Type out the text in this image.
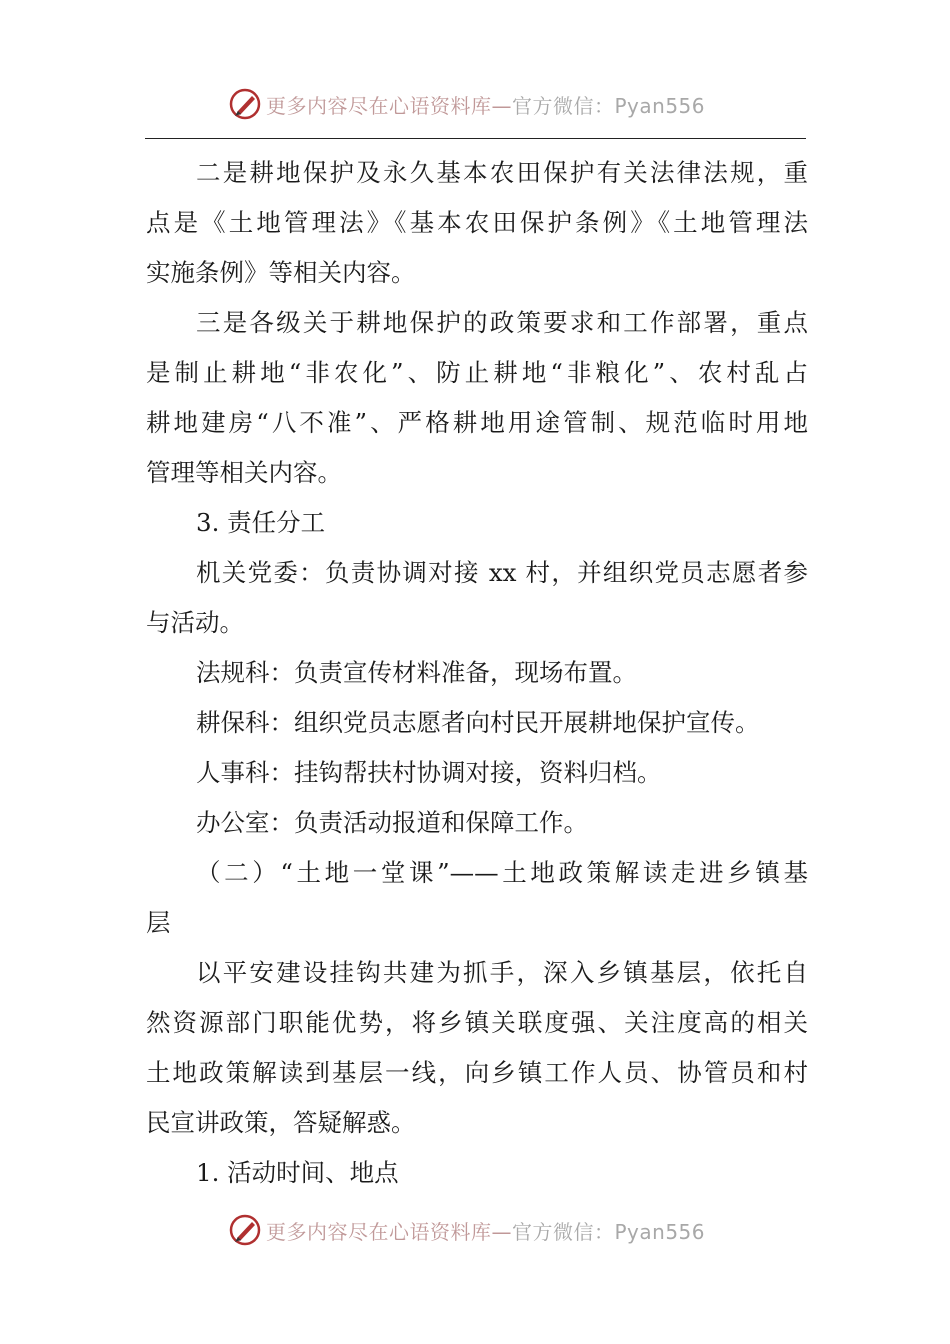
更多内容尽在心语资料库—官方微信：Pyan556
二是耕地保护及永久基本农田保护有关法律法规，重
点是《土地管理法》《基本农田保护条例》《土地管理法
实施条例》等相关内容。
三是各级关于耕地保护的政策要求和工作部署，重点
是制止耕地“非农化”、防止耕地“非粮化”、农村乱占
耕地建房“八不准”、严格耕地用途管制、规范临时用地
管理等相关内容。
3. 责任分工
机关党委：负责协调对接 xx 村，并组织党员志愿者参
与活动。
法规科：负责宣传材料准备，现场布置。
耕保科：组织党员志愿者向村民开展耕地保护宣传。
人事科：挂钩帮扶村协调对接，资料归档。
办公室：负责活动报道和保障工作。
（二）“土地一堂课”——土地政策解读走进乡镇基
层
以平安建设挂钩共建为抓手，深入乡镇基层，依托自
然资源部门职能优势，将乡镇关联度强、关注度高的相关
土地政策解读到基层一线，向乡镇工作人员、协管员和村
民宣讲政策，答疑解惑。
1. 活动时间、地点
更多内容尽在心语资料库—官方微信：Pyan556
